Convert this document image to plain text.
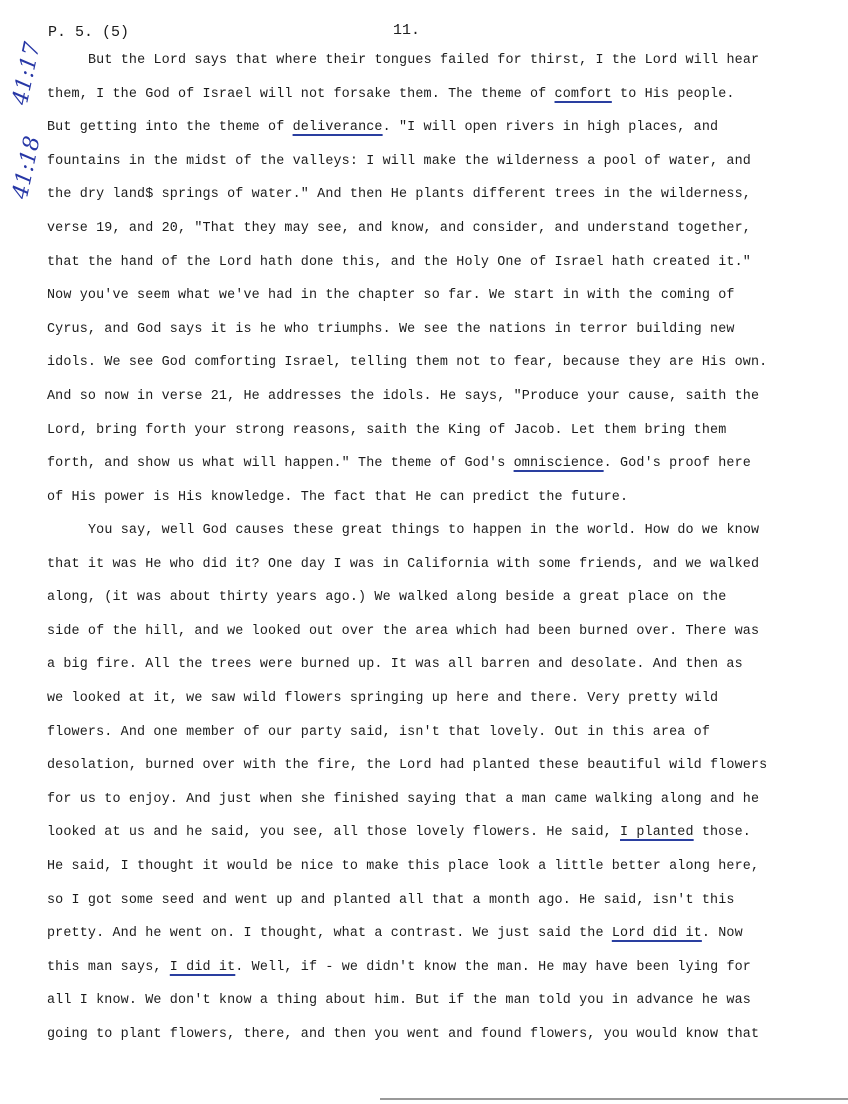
P. 5. (5)	11.
41:17
41:18
But the Lord says that where their tongues failed for thirst, I the Lord will hear
them, I the God of Israel will not forsake them. The theme of comfort to His people.
But getting into the theme of deliverance. "I will open rivers in high places, and
fountains in the midst of the valleys: I will make the wilderness a pool of water, and
the dry land$ springs of water." And then He plants different trees in the wilderness,
verse 19, and 20, "That they may see, and know, and consider, and understand together,
that the hand of the Lord hath done this, and the Holy One of Israel hath created it."
Now you've seem what we've had in the chapter so far. We start in with the coming of
Cyrus, and God says it is he who triumphs. We see the nations in terror building new
idols. We see God comforting Israel, telling them not to fear, because they are His own.
And so now in verse 21, He addresses the idols. He says, "Produce your cause, saith the
Lord, bring forth your strong reasons, saith the King of Jacob. Let them bring them
forth, and show us what will happen." The theme of God's omniscience. God's proof here
of His power is His knowledge. The fact that He can predict the future.
You say, well God causes these great things to happen in the world. How do we know
that it was He who did it? One day I was in California with some friends, and we walked
along, (it was about thirty years ago.) We walked along beside a great place on the
side of the hill, and we looked out over the area which had been burned over. There was
a big fire. All the trees were burned up. It was all barren and desolate. And then as
we looked at it, we saw wild flowers springing up here and there. Very pretty wild
flowers. And one member of our party said, isn't that lovely. Out in this area of
desolation, burned over with the fire, the Lord had planted these beautiful wild flowers
for us to enjoy. And just when she finished saying that a man came walking along and he
looked at us and he said, you see, all those lovely flowers. He said, I planted those.
He said, I thought it would be nice to make this place look a little better along here,
so I got some seed and went up and planted all that a month ago. He said, isn't this
pretty. And he went on. I thought, what a contrast. We just said the Lord did it. Now
this man says, I did it. Well, if - we didn't know the man. He may have been lying for
all I know. We don't know a thing about him. But if the man told you in advance he was
going to plant flowers, there, and then you went and found flowers, you would know that
